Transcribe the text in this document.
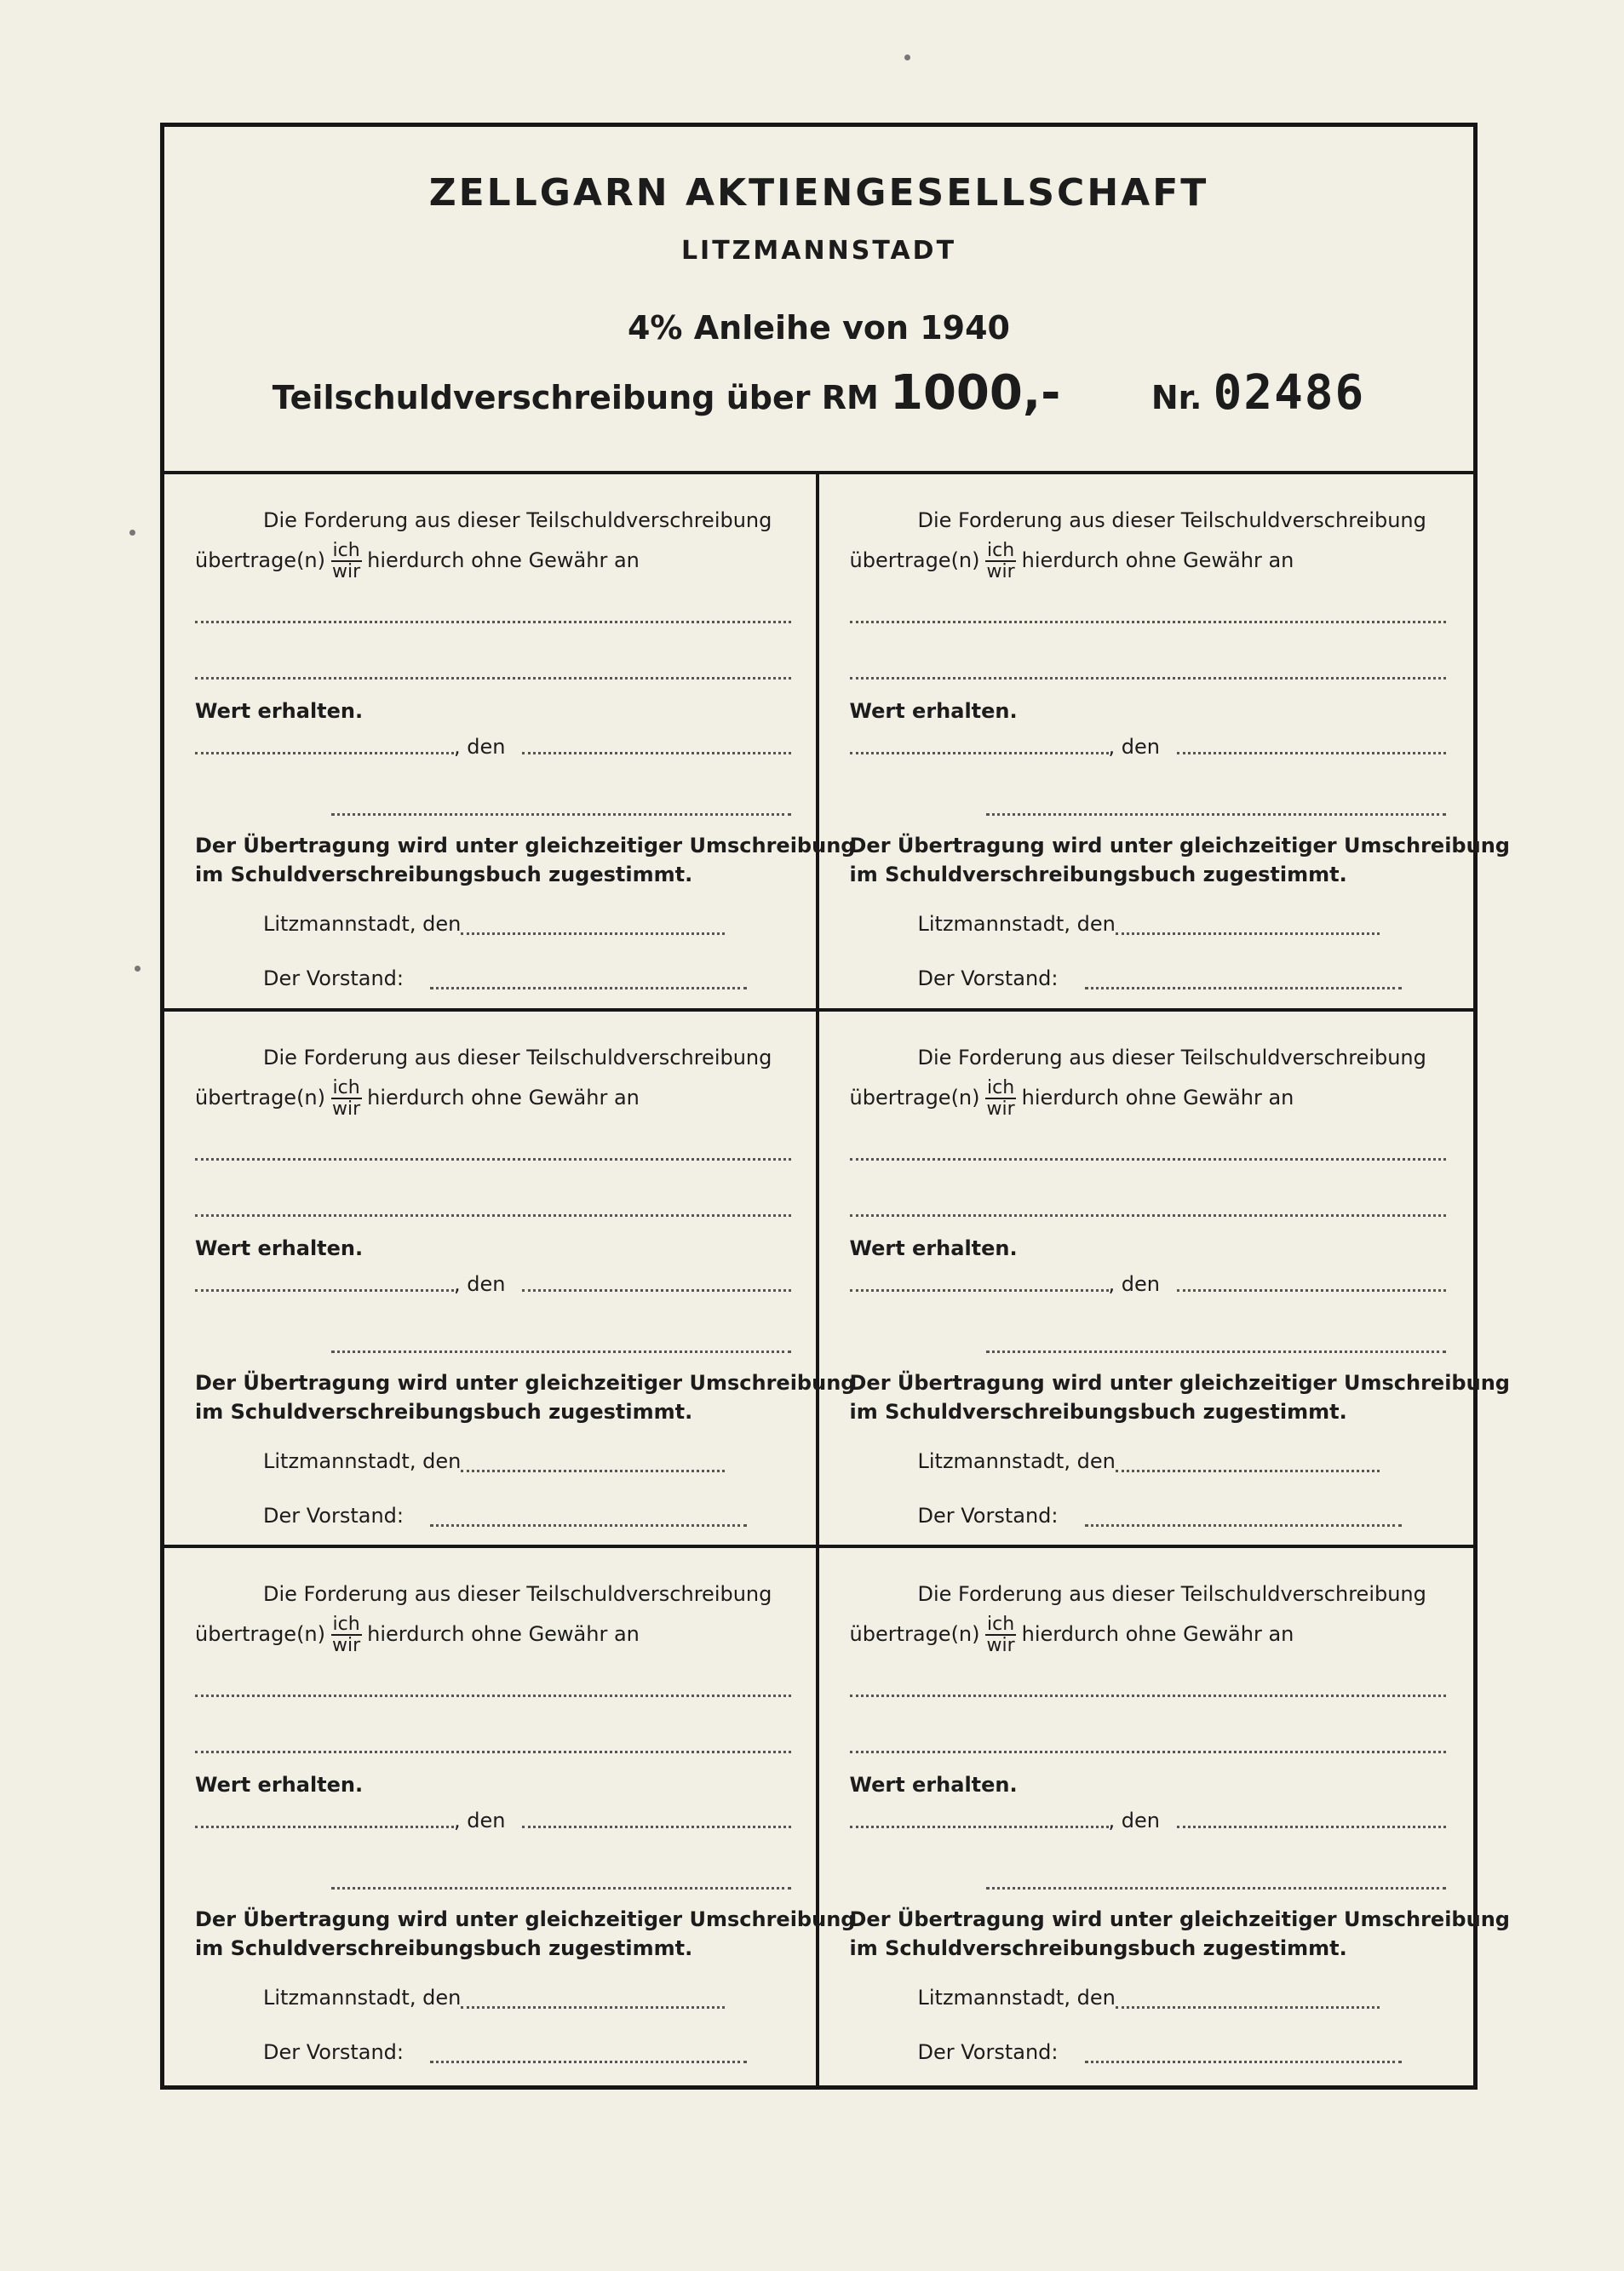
ZELLGARN AKTIENGESELLSCHAFT
LITZMANNSTADT
4% Anleihe von 1940
Teilschuldverschreibung über RM 1000,-	Nr. 02486
Die Forderung aus dieser Teilschuldverschreibung
übertrage(n) $\frac{\text{ich}}{\text{wir}}$ hierdurch ohne Gewähr an
Wert erhalten.
, den
Der Übertragung wird unter gleichzeitiger Umschreibung
im Schuldverschreibungsbuch zugestimmt.
Litzmannstadt, den
Der Vorstand:
Die Forderung aus dieser Teilschuldverschreibung
übertrage(n) $\frac{\text{ich}}{\text{wir}}$ hierdurch ohne Gewähr an
Wert erhalten.
, den
Der Übertragung wird unter gleichzeitiger Umschreibung
im Schuldverschreibungsbuch zugestimmt.
Litzmannstadt, den
Der Vorstand:
Die Forderung aus dieser Teilschuldverschreibung
übertrage(n) $\frac{\text{ich}}{\text{wir}}$ hierdurch ohne Gewähr an
Wert erhalten.
, den
Der Übertragung wird unter gleichzeitiger Umschreibung
im Schuldverschreibungsbuch zugestimmt.
Litzmannstadt, den
Der Vorstand:
Die Forderung aus dieser Teilschuldverschreibung
übertrage(n) $\frac{\text{ich}}{\text{wir}}$ hierdurch ohne Gewähr an
Wert erhalten.
, den
Der Übertragung wird unter gleichzeitiger Umschreibung
im Schuldverschreibungsbuch zugestimmt.
Litzmannstadt, den
Der Vorstand:
Die Forderung aus dieser Teilschuldverschreibung
übertrage(n) $\frac{\text{ich}}{\text{wir}}$ hierdurch ohne Gewähr an
Wert erhalten.
, den
Der Übertragung wird unter gleichzeitiger Umschreibung
im Schuldverschreibungsbuch zugestimmt.
Litzmannstadt, den
Der Vorstand:
Die Forderung aus dieser Teilschuldverschreibung
übertrage(n) $\frac{\text{ich}}{\text{wir}}$ hierdurch ohne Gewähr an
Wert erhalten.
, den
Der Übertragung wird unter gleichzeitiger Umschreibung
im Schuldverschreibungsbuch zugestimmt.
Litzmannstadt, den
Der Vorstand:
